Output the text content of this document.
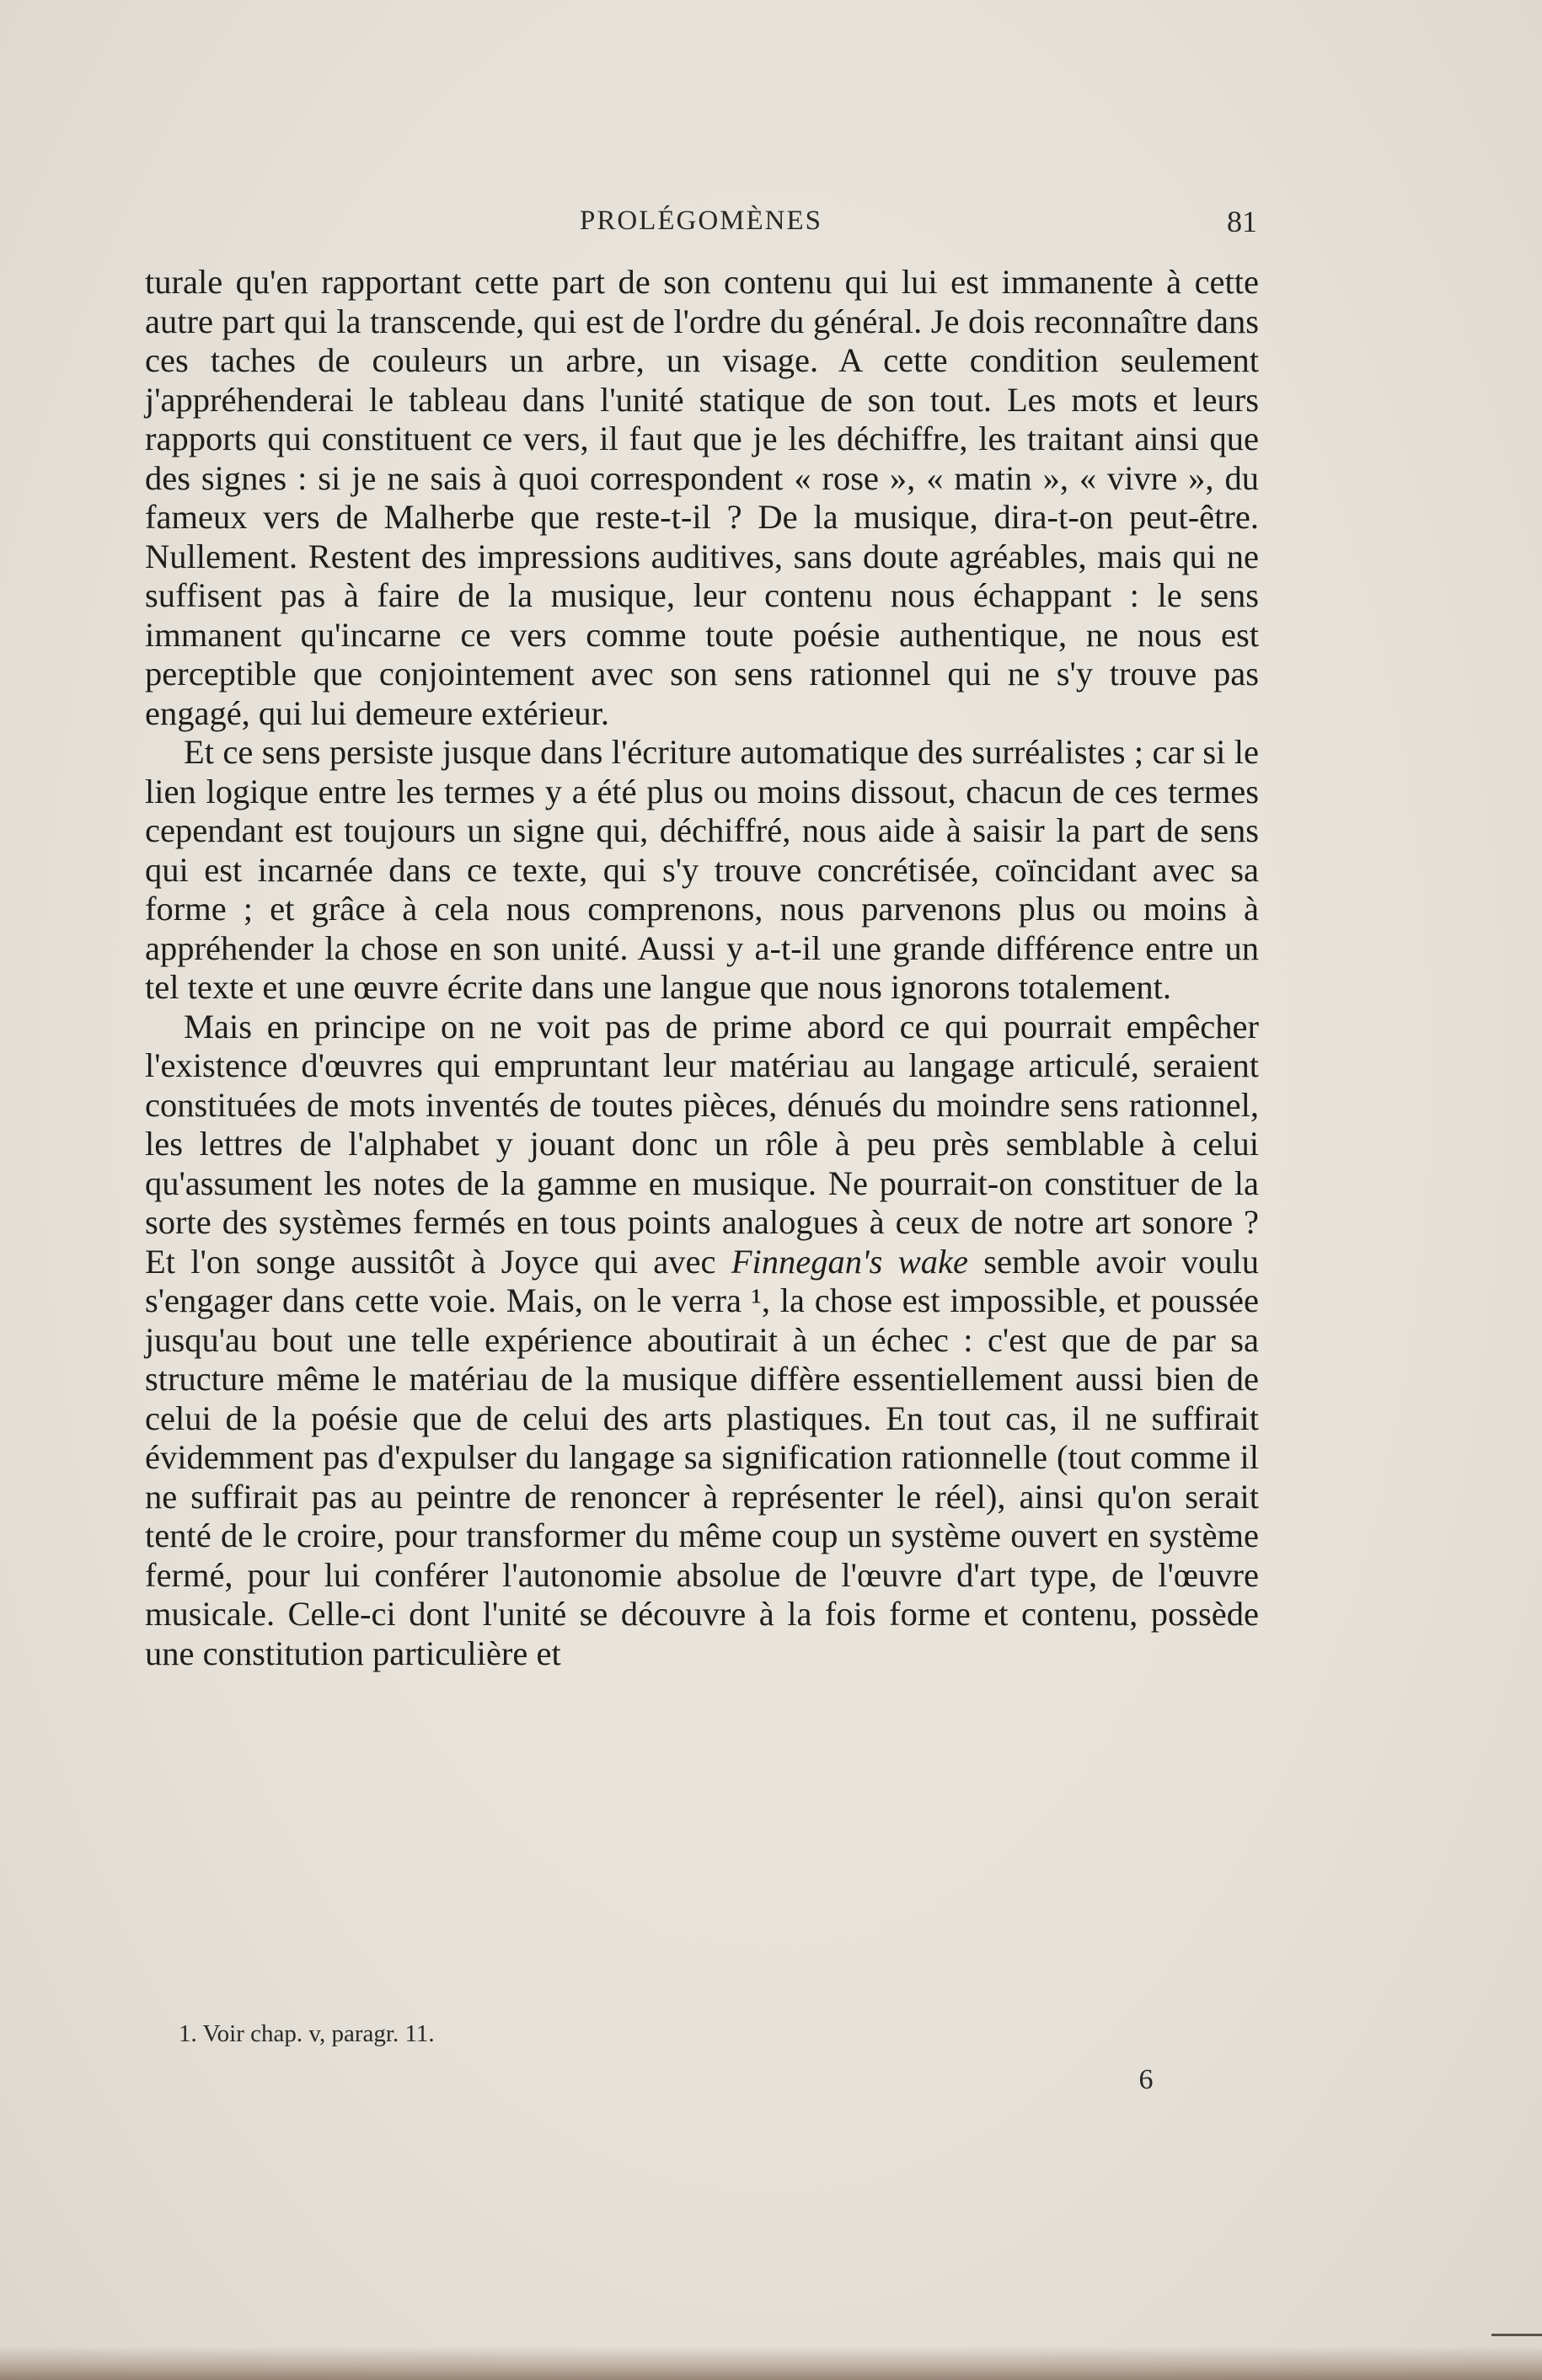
PROLÉGOMÈNES	81

turale qu'en rapportant cette part de son contenu qui lui est immanente à cette autre part qui la transcende, qui est de l'ordre du général. Je dois reconnaître dans ces taches de couleurs un arbre, un visage. A cette condition seulement j'appréhenderai le tableau dans l'unité statique de son tout. Les mots et leurs rapports qui constituent ce vers, il faut que je les déchiffre, les traitant ainsi que des signes : si je ne sais à quoi correspondent « rose », « matin », « vivre », du fameux vers de Malherbe que reste-t-il ? De la musique, dira-t-on peut-être. Nullement. Restent des impressions auditives, sans doute agréables, mais qui ne suffisent pas à faire de la musique, leur contenu nous échappant : le sens immanent qu'incarne ce vers comme toute poésie authentique, ne nous est perceptible que conjointement avec son sens rationnel qui ne s'y trouve pas engagé, qui lui demeure extérieur.

Et ce sens persiste jusque dans l'écriture automatique des surréalistes ; car si le lien logique entre les termes y a été plus ou moins dissout, chacun de ces termes cependant est toujours un signe qui, déchiffré, nous aide à saisir la part de sens qui est incarnée dans ce texte, qui s'y trouve concrétisée, coïncidant avec sa forme ; et grâce à cela nous comprenons, nous parvenons plus ou moins à appréhender la chose en son unité. Aussi y a-t-il une grande différence entre un tel texte et une œuvre écrite dans une langue que nous ignorons totalement.

Mais en principe on ne voit pas de prime abord ce qui pourrait empêcher l'existence d'œuvres qui empruntant leur matériau au langage articulé, seraient constituées de mots inventés de toutes pièces, dénués du moindre sens rationnel, les lettres de l'alphabet y jouant donc un rôle à peu près semblable à celui qu'assument les notes de la gamme en musique. Ne pourrait-on constituer de la sorte des systèmes fermés en tous points analogues à ceux de notre art sonore ? Et l'on songe aussitôt à Joyce qui avec Finnegan's wake semble avoir voulu s'engager dans cette voie. Mais, on le verra ¹, la chose est impossible, et poussée jusqu'au bout une telle expérience aboutirait à un échec : c'est que de par sa structure même le matériau de la musique diffère essentiellement aussi bien de celui de la poésie que de celui des arts plastiques. En tout cas, il ne suffirait évidemment pas d'expulser du langage sa signification rationnelle (tout comme il ne suffirait pas au peintre de renoncer à représenter le réel), ainsi qu'on serait tenté de le croire, pour transformer du même coup un système ouvert en système fermé, pour lui conférer l'autonomie absolue de l'œuvre d'art type, de l'œuvre musicale. Celle-ci dont l'unité se découvre à la fois forme et contenu, possède une constitution particulière et

1. Voir chap. v, paragr. 11.
6
